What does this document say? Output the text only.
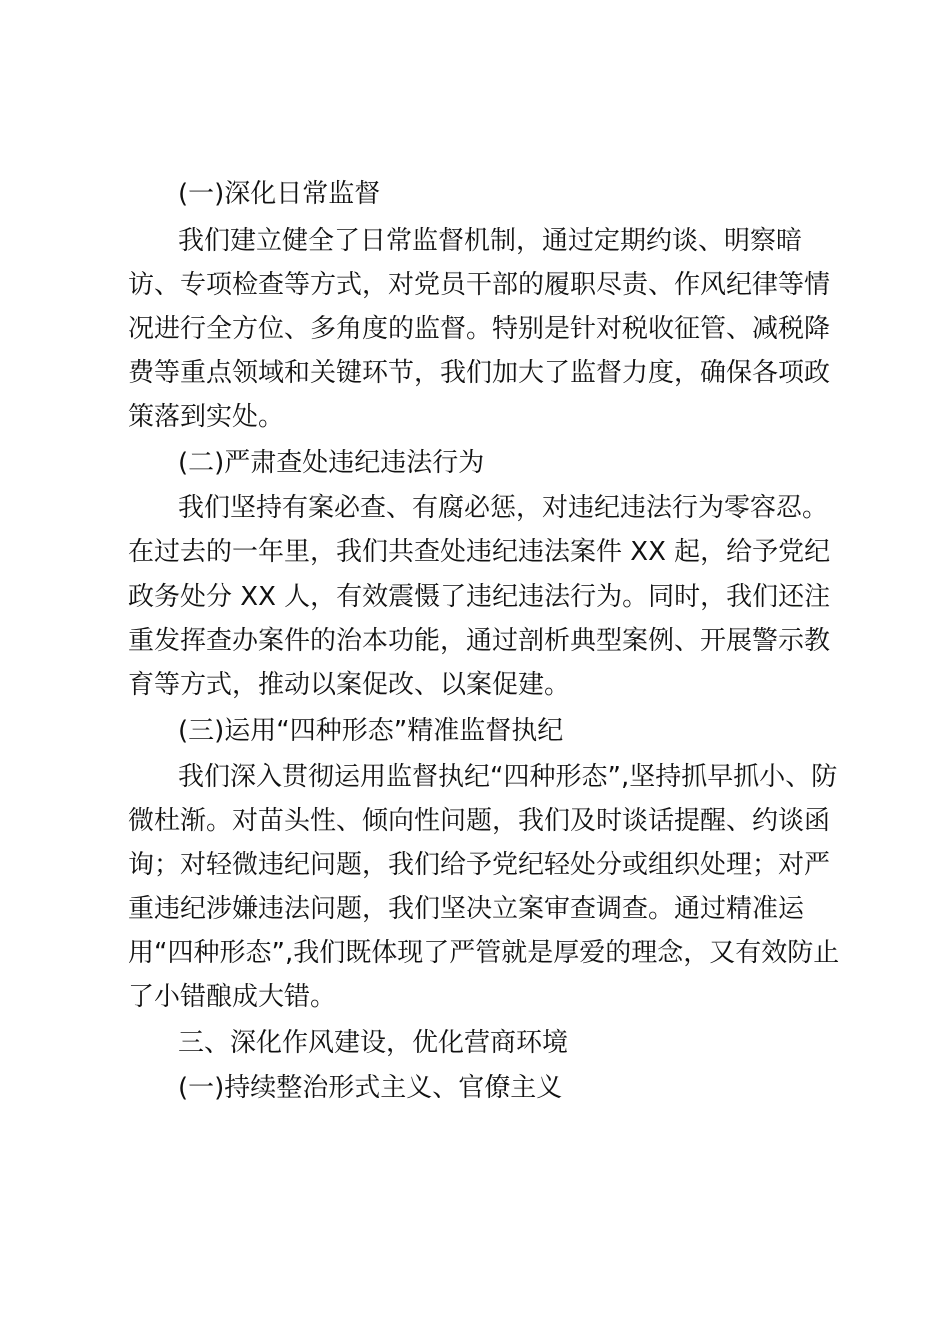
(一)深化日常监督
我们建立健全了日常监督机制，通过定期约谈、明察暗
访、专项检查等方式，对党员干部的履职尽责、作风纪律等情
况进行全方位、多角度的监督。特别是针对税收征管、减税降
费等重点领域和关键环节，我们加大了监督力度，确保各项政
策落到实处。
(二)严肃查处违纪违法行为
我们坚持有案必查、有腐必惩，对违纪违法行为零容忍。
在过去的一年里，我们共查处违纪违法案件 XX 起，给予党纪
政务处分 XX 人，有效震慑了违纪违法行为。同时，我们还注
重发挥查办案件的治本功能，通过剖析典型案例、开展警示教
育等方式，推动以案促改、以案促建。
(三)运用“四种形态”精准监督执纪
我们深入贯彻运用监督执纪“四种形态”,坚持抓早抓小、防
微杜渐。对苗头性、倾向性问题，我们及时谈话提醒、约谈函
询；对轻微违纪问题，我们给予党纪轻处分或组织处理；对严
重违纪涉嫌违法问题，我们坚决立案审查调查。通过精准运
用“四种形态”,我们既体现了严管就是厚爱的理念，又有效防止
了小错酿成大错。
三、深化作风建设，优化营商环境
(一)持续整治形式主义、官僚主义
